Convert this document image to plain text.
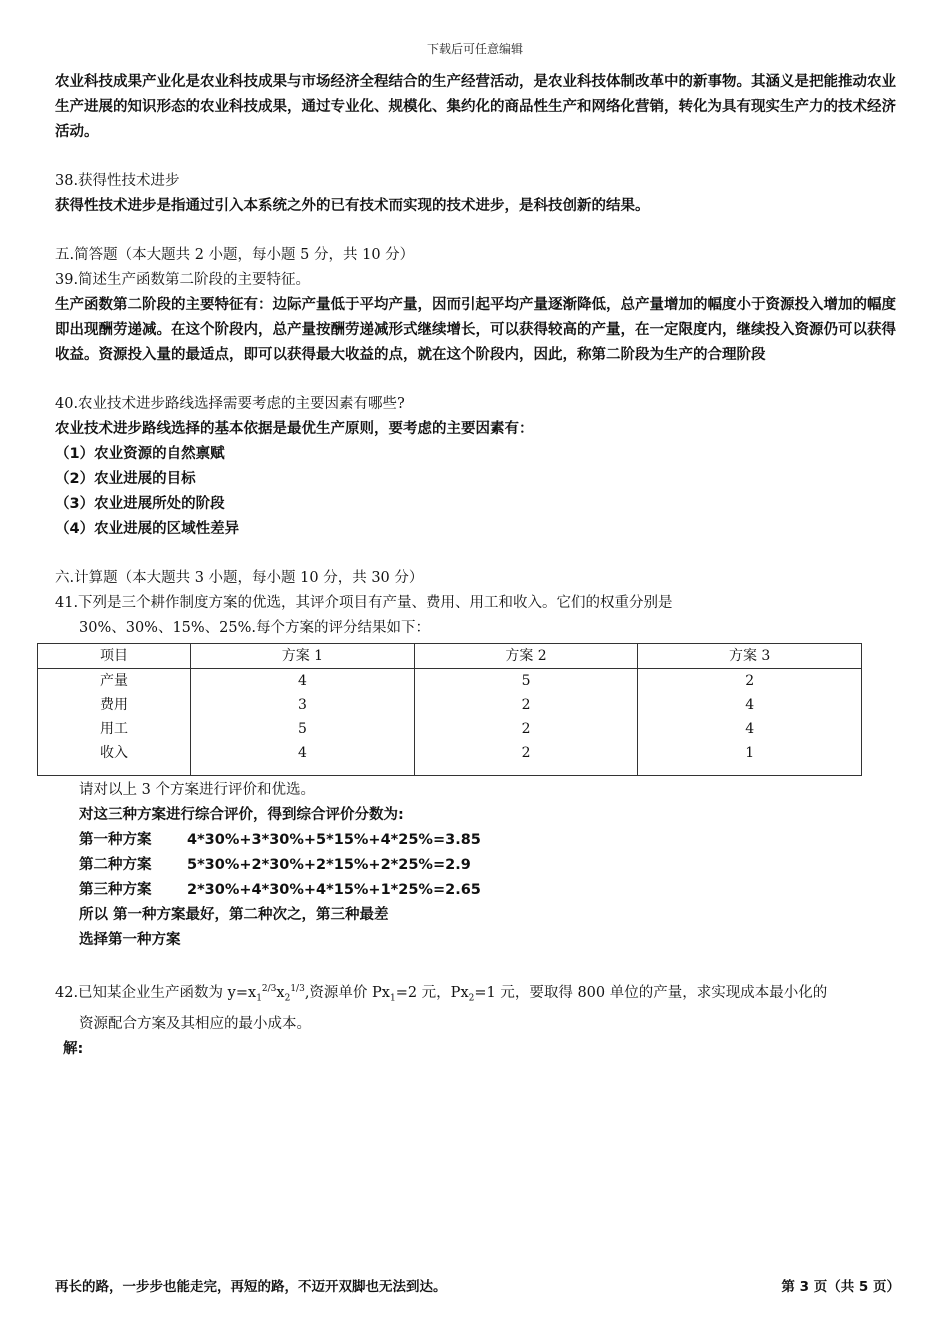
下载后可任意编辑

农业科技成果产业化是农业科技成果与市场经济全程结合的生产经营活动，是农业科技体制改革中的新事物。其涵义是把能推动农业生产进展的知识形态的农业科技成果，通过专业化、规模化、集约化的商品性生产和网络化营销，转化为具有现实生产力的技术经济活动。

38.获得性技术进步

获得性技术进步是指通过引入本系统之外的已有技术而实现的技术进步，是科技创新的结果。

五.简答题（本大题共 2 小题，每小题 5 分，共 10 分）

39.简述生产函数第二阶段的主要特征。

生产函数第二阶段的主要特征有：边际产量低于平均产量，因而引起平均产量逐渐降低，总产量增加的幅度小于资源投入增加的幅度即出现酬劳递减。在这个阶段内，总产量按酬劳递减形式继续增长，可以获得较高的产量，在一定限度内，继续投入资源仍可以获得收益。资源投入量的最适点，即可以获得最大收益的点，就在这个阶段内，因此，称第二阶段为生产的合理阶段

40.农业技术进步路线选择需要考虑的主要因素有哪些?

农业技术进步路线选择的基本依据是最优生产原则，要考虑的主要因素有：

（1）农业资源的自然禀赋

（2）农业进展的目标

（3）农业进展所处的阶段

（4）农业进展的区域性差异

六.计算题（本大题共 3 小题，每小题 10 分，共 30 分）

41.下列是三个耕作制度方案的优选，其评介项目有产量、费用、用工和收入。它们的权重分别是

30%、30%、15%、25%.每个方案的评分结果如下：

项目	方案 1	方案 2	方案 3
产量	4	5	2
费用	3	2	4
用工	5	2	4
收入	4	2	1

请对以上 3 个方案进行评价和优选。

对这三种方案进行综合评价，得到综合评价分数为:

第一种方案	4*30%+3*30%+5*15%+4*25%=3.85
第二种方案	5*30%+2*30%+2*15%+2*25%=2.9
第三种方案	2*30%+4*30%+4*15%+1*25%=2.65

所以 第一种方案最好，第二种次之，第三种最差

选择第一种方案

42.已知某企业生产函数为 $y=x_1^{2/3}x_2^{1/3}$,资源单价 $Px_1=2$ 元，$Px_2=1$ 元，要取得 800 单位的产量，求实现成本最小化的
资源配合方案及其相应的最小成本。

解:

再长的路，一步步也能走完，再短的路，不迈开双脚也无法到达。	第 3 页（共 5 页）
